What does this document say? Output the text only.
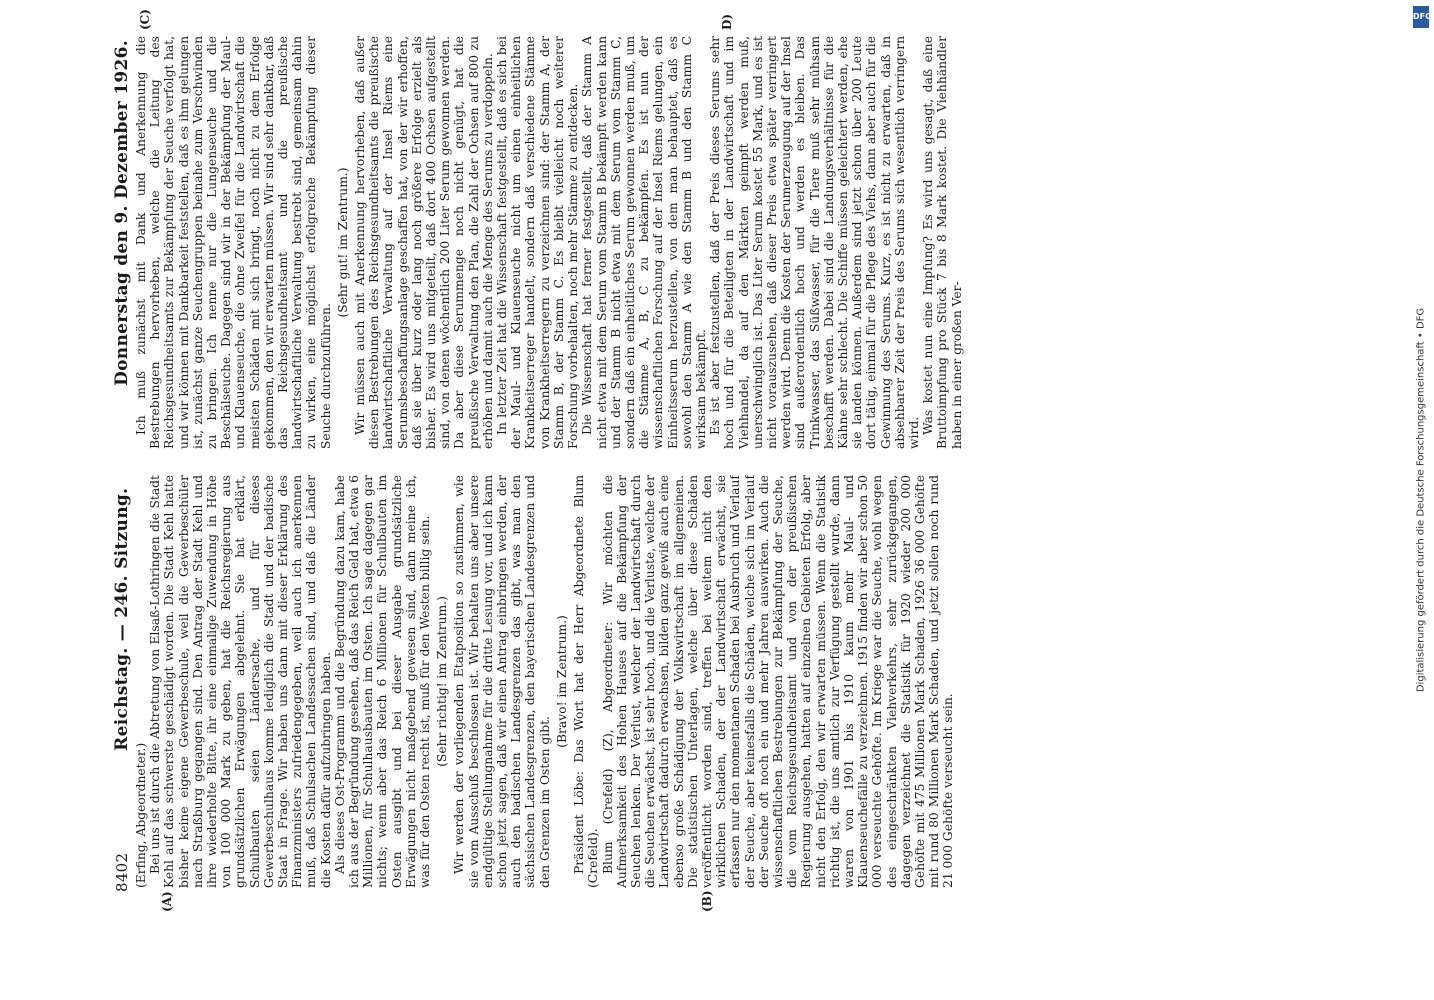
8402
Reichstag. — 246. Sitzung.
Donnerstag den 9. Dezember 1926.
(A)	(B)
(C)	D)

(Erfing, Abgeordneter.) Bei uns ist durch die Abtretung von Elsaß-Lothringen die Stadt Kehl auf das schwerste geschädigt worden. Die Stadt Kehl hatte bisher keine eigene Gewerbeschule, weil die Gewerbeschüler nach Straßburg gegangen sind. Den Antrag der Stadt Kehl und ihre wiederholte Bitte, ihr eine einmalige Zuwendung in Höhe von 100 000 Mark zu geben, hat die Reichsregierung aus grundsätzlichen Erwägungen abgelehnt. Sie hat erklärt, Schulbauten seien Ländersache, und für dieses Gewerbeschulhaus komme lediglich die Stadt und der badische Staat in Frage. Wir haben uns dann mit dieser Erklärung des Finanzministers zufriedengegeben, weil auch ich anerkennen muß, daß Schulsachen Landessachen sind, und daß die Länder die Kosten dafür aufzubringen haben. Als dieses Ost-Programm und die Begründung dazu kam, habe ich aus der Begründung gesehen, daß das Reich Geld hat, etwa 6 Millionen, für Schulhausbauten im Osten. Ich sage dagegen gar nichts; wenn aber das Reich 6 Millionen für Schulbauten im Osten ausgibt und bei dieser Ausgabe grundsätzliche Erwägungen nicht maßgebend gewesen sind, dann meine ich, was für den Osten recht ist, muß für den Westen billig sein. (Sehr richtig! im Zentrum.) Wir werden der vorliegenden Etatposition so zustimmen, wie sie vom Ausschuß beschlossen ist. Wir behalten uns aber unsere endgültige Stellungnahme für die dritte Lesung vor, und ich kann schon jetzt sagen, daß wir einen Antrag einbringen werden, der auch den badischen Landesgrenzen das gibt, was man den sächsischen Landesgrenzen, den bayerischen Landesgrenzen und den Grenzen im Osten gibt.

(Bravo! im Zentrum.) Präsident Löbe: Das Wort hat der Herr Abgeordnete Blum (Crefeld). Blum (Crefeld) (Z), Abgeordneter: Wir möchten die Aufmerksamkeit des Hohen Hauses auf die Bekämpfung der Seuchen lenken. Der Verlust, welcher der Landwirtschaft durch die Seuchen erwächst, ist sehr hoch, und die Verluste, welche der Landwirtschaft dadurch erwachsen, bilden ganz gewiß auch eine ebenso große Schädigung der Volkswirtschaft im allgemeinen. Die statistischen Unterlagen, welche über diese Schäden veröffentlicht worden sind, treffen bei weitem nicht den wirklichen Schaden, der der Landwirtschaft erwächst, sie erfassen nur den momentanen Schaden bei Ausbruch und Verlauf der Seuche, aber keinesfalls die Schäden, welche sich im Verlauf der Seuche oft noch ein und mehr Jahren auswirken. Auch die wissenschaftlichen Bestrebungen zur Bekämpfung der Seuche, die vom Reichsgesundheitsamt und von der preußischen Regierung ausgehen, hatten auf einzelnen Gebieten Erfolg, aber nicht den Erfolg, den wir erwarten müssen. Wenn die Statistik richtig ist, die uns amtlich zur Verfügung gestellt wurde, dann waren von 1901 bis 1910 kaum mehr Maul- und Klauenseuchefälle zu verzeichnen. 1915 finden wir aber schon 50 000 verseuchte Gehöfte. Im Kriege war die Seuche, wohl wegen des eingeschränkten Viehverkehrs, sehr zurückgegangen, dagegen verzeichnet die Statistik für 1920 wieder 200 000 Gehöfte mit 475 Millionen Mark Schaden, 1926 36 000 Gehöfte mit rund 80 Millionen Mark Schaden, und jetzt sollen noch rund 21 000 Gehöfte verseucht sein.

Ich muß zunächst mit Dank und Anerkennung die Bestrebungen hervorheben, welche die Leitung des Reichsgesundheitsamts zur Bekämpfung der Seuche verfolgt hat, und wir können mit Dankbarkeit feststellen, daß es ihm gelungen ist, zunächst ganze Seuchengruppen beinahe zum Verschwinden zu bringen. Ich nenne nur die Lungenseuche und die Beschälseuche. Dagegen sind wir in der Bekämpfung der Maul- und Klauenseuche, die ohne Zweifel für die Landwirtschaft die meisten Schäden mit sich bringt, noch nicht zu dem Erfolge gekommen, den wir erwarten müssen. Wir sind sehr dankbar, daß das Reichsgesundheitsamt und die preußische landwirtschaftliche Verwaltung bestrebt sind, gemeinsam dahin zu wirken, eine möglichst erfolgreiche Bekämpfung dieser Seuche durchzuführen.

(Sehr gut! im Zentrum.) Wir müssen auch mit Anerkennung hervorheben, daß außer diesen Bestrebungen des Reichsgesundheitsamts die preußische landwirtschaftliche Verwaltung auf der Insel Riems eine Serumsbeschaffungsanlage geschaffen hat, von der wir erhoffen, daß sie über kurz oder lang noch größere Erfolge erzielt als bisher. Es wird uns mitgeteilt, daß dort 400 Ochsen aufgestellt sind, von denen wöchentlich 200 Liter Serum gewonnen werden. Da aber diese Serummenge noch nicht genügt, hat die preußische Verwaltung den Plan, die Zahl der Ochsen auf 800 zu erhöhen und damit auch die Menge des Serums zu verdoppeln. In letzter Zeit hat die Wissenschaft festgestellt, daß es sich bei der Maul- und Klauenseuche nicht um einen einheitlichen Krankheitserreger handelt, sondern daß verschiedene Stämme von Krankheitserregern zu verzeichnen sind: der Stamm A, der Stamm B, der Stamm C. Es bleibt vielleicht noch weiterer Forschung vorbehalten, noch mehr Stämme zu entdecken. Die Wissenschaft hat ferner festgestellt, daß der Stamm A nicht etwa mit dem Serum vom Stamm B bekämpft werden kann und der Stamm B nicht etwa mit dem Serum vom Stamm C, sondern daß ein einheitliches Serum gewonnen werden muß, um die Stämme A, B, C zu bekämpfen. Es ist nun der wissenschaftlichen Forschung auf der Insel Riems gelungen, ein Einheitsserum herzustellen, von dem man behauptet, daß es sowohl den Stamm A wie den Stamm B und den Stamm C wirksam bekämpft. Es ist aber festzustellen, daß der Preis dieses Serums sehr hoch und für die Beteiligten in der Landwirtschaft und im Viehhandel, da auf den Märkten geimpft werden muß, unerschwinglich ist. Das Liter Serum kostet 55 Mark, und es ist nicht vorauszusehen, daß dieser Preis etwa später verringert werden wird. Denn die Kosten der Serumerzeugung auf der Insel sind außerordentlich hoch und werden es bleiben. Das Trinkwasser, das Süßwasser, für die Tiere muß sehr mühsam beschafft werden. Dabei sind die Landungsverhältnisse für die Kähne sehr schlecht. Die Schiffe müssen geleichtert werden, ehe sie landen können. Außerdem sind jetzt schon über 200 Leute dort tätig, einmal für die Pflege des Viehs, dann aber auch für die Gewinnung des Serums. Kurz, es ist nicht zu erwarten, daß in absehbarer Zeit der Preis des Serums sich wesentlich verringern wird. Was kostet nun eine Impfung? Es wird uns gesagt, daß eine Bruttoimpfung pro Stück 7 bis 8 Mark kostet. Die Viehhändler haben in einer großen Ver-

DFG
Digitalisierung gefördert durch die Deutsche Forschungsgemeinschaft • DFG
